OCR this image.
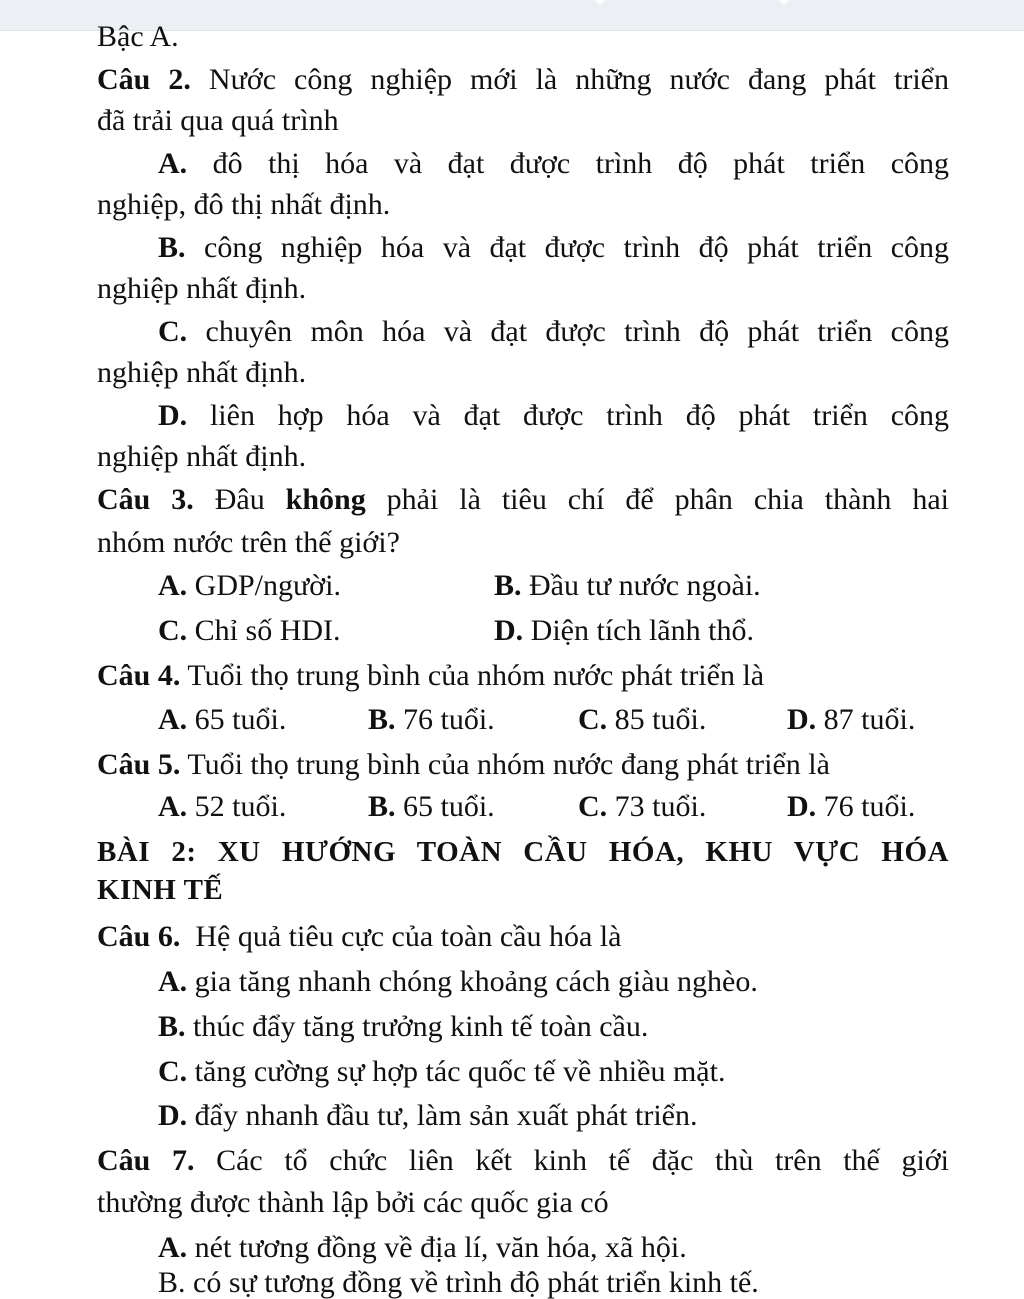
Bậc A.
Câu 2. Nước công nghiệp mới là những nước đang phát triển
đã trải qua quá trình
A. đô thị hóa và đạt được trình độ phát triển công
nghiệp, đô thị nhất định.
B. công nghiệp hóa và đạt được trình độ phát triển công
nghiệp nhất định.
C. chuyên môn hóa và đạt được trình độ phát triển công
nghiệp nhất định.
D. liên hợp hóa và đạt được trình độ phát triển công
nghiệp nhất định.
Câu 3. Đâu không phải là tiêu chí để phân chia thành hai
nhóm nước trên thế giới?
A. GDP/người.	B. Đầu tư nước ngoài.
C. Chỉ số HDI.	D. Diện tích lãnh thổ.
Câu 4. Tuổi thọ trung bình của nhóm nước phát triển là
A. 65 tuổi.	B. 76 tuổi.	C. 85 tuổi.	D. 87 tuổi.
Câu 5. Tuổi thọ trung bình của nhóm nước đang phát triển là
A. 52 tuổi.	B. 65 tuổi.	C. 73 tuổi.	D. 76 tuổi.
BÀI 2: XU HƯỚNG TOÀN CẦU HÓA, KHU VỰC HÓA
KINH TẾ
Câu 6. Hệ quả tiêu cực của toàn cầu hóa là
A. gia tăng nhanh chóng khoảng cách giàu nghèo.
B. thúc đẩy tăng trưởng kinh tế toàn cầu.
C. tăng cường sự hợp tác quốc tế về nhiều mặt.
D. đẩy nhanh đầu tư, làm sản xuất phát triển.
Câu 7. Các tổ chức liên kết kinh tế đặc thù trên thế giới
thường được thành lập bởi các quốc gia có
A. nét tương đồng về địa lí, văn hóa, xã hội.
B. có sự tương đồng về trình độ phát triển kinh tế.
